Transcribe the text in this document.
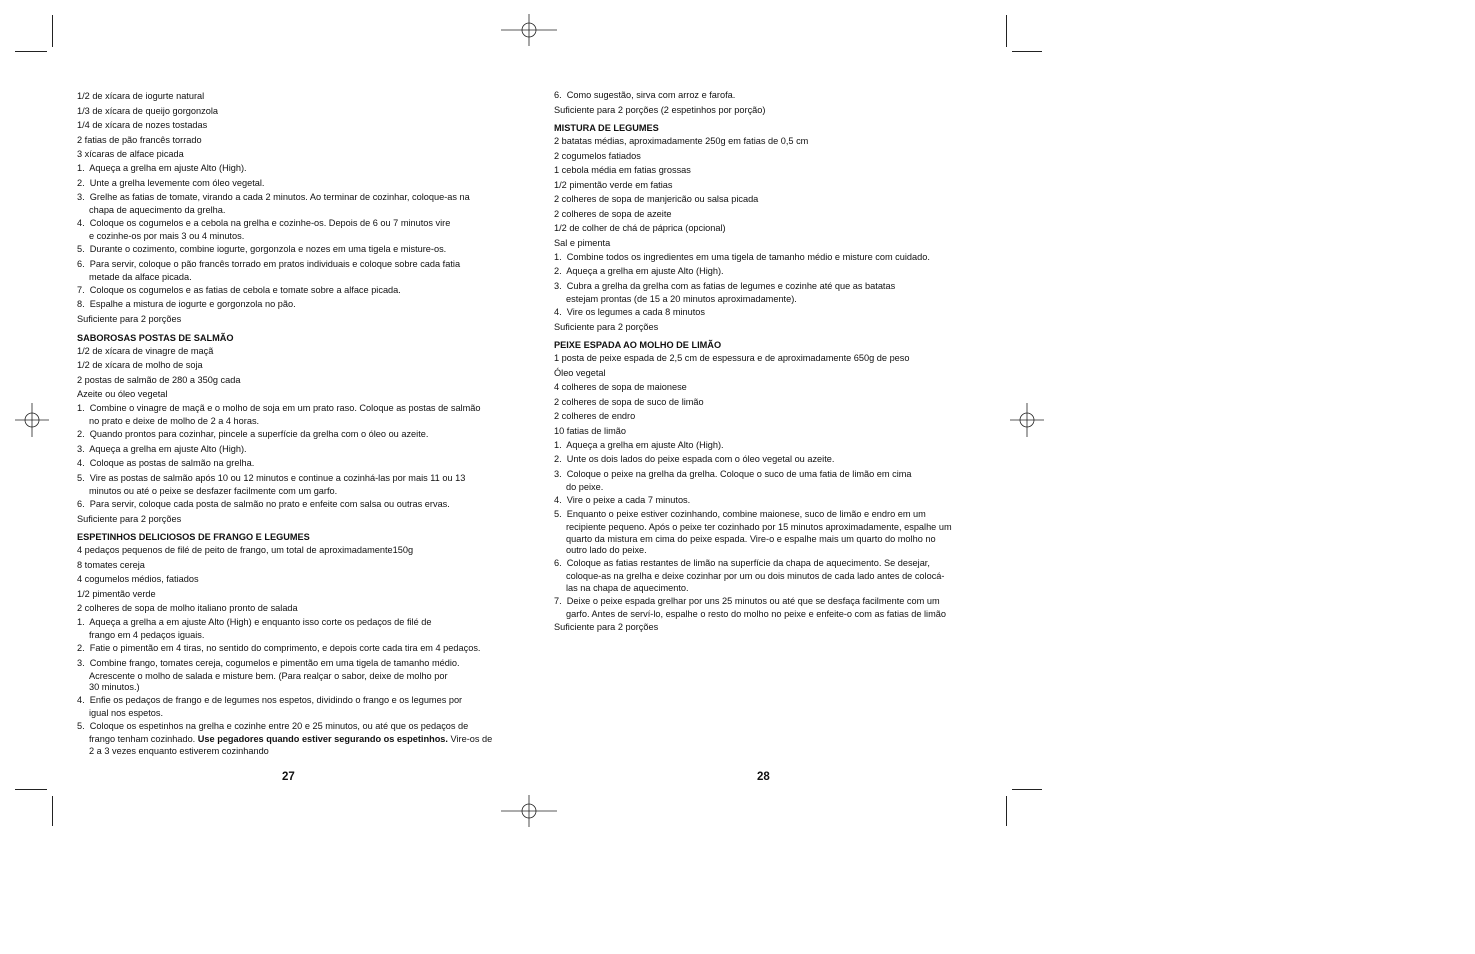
1/2 de xícara de iogurte natural
1/3 de xícara de queijo gorgonzola
1/4 de xícara de nozes tostadas
2 fatias de pão francês torrado
3 xícaras de alface picada
1. Aqueça a grelha em ajuste Alto (High).
2. Unte a grelha levemente com óleo vegetal.
3. Grelhe as fatias de tomate, virando a cada 2 minutos. Ao terminar de cozinhar, coloque-as na
chapa de aquecimento da grelha.
4. Coloque os cogumelos e a cebola na grelha e cozinhe-os. Depois de 6 ou 7 minutos vire
e cozinhe-os por mais 3 ou 4 minutos.
5. Durante o cozimento, combine iogurte, gorgonzola e nozes em uma tigela e misture-os.
6. Para servir, coloque o pão francês torrado em pratos individuais e coloque sobre cada fatia
metade da alface picada.
7. Coloque os cogumelos e as fatias de cebola e tomate sobre a alface picada.
8. Espalhe a mistura de iogurte e gorgonzola no pão.
Suficiente para 2 porções
SABOROSAS POSTAS DE SALMÃO
1/2 de xícara de vinagre de maçã
1/2 de xícara de molho de soja
2 postas de salmão de 280 a 350g cada
Azeite ou óleo vegetal
1. Combine o vinagre de maçã e o molho de soja em um prato raso. Coloque as postas de salmão
no prato e deixe de molho de 2 a 4 horas.
2. Quando prontos para cozinhar, pincele a superfície da grelha com o óleo ou azeite.
3. Aqueça a grelha em ajuste Alto (High).
4. Coloque as postas de salmão na grelha.
5. Vire as postas de salmão após 10 ou 12 minutos e continue a cozinhá-las por mais 11 ou 13
minutos ou até o peixe se desfazer facilmente com um garfo.
6. Para servir, coloque cada posta de salmão no prato e enfeite com salsa ou outras ervas.
Suficiente para 2 porções
ESPETINHOS DELICIOSOS DE FRANGO E LEGUMES
4 pedaços pequenos de filé de peito de frango, um total de aproximadamente150g
8 tomates cereja
4 cogumelos médios, fatiados
1/2 pimentão verde
2 colheres de sopa de molho italiano pronto de salada
1. Aqueça a grelha a em ajuste Alto (High) e enquanto isso corte os pedaços de filé de
frango em 4 pedaços iguais.
2. Fatie o pimentão em 4 tiras, no sentido do comprimento, e depois corte cada tira em 4 pedaços.
3. Combine frango, tomates cereja, cogumelos e pimentão em uma tigela de tamanho médio.
Acrescente o molho de salada e misture bem. (Para realçar o sabor, deixe de molho por
30 minutos.)
4. Enfie os pedaços de frango e de legumes nos espetos, dividindo o frango e os legumes por
igual nos espetos.
5. Coloque os espetinhos na grelha e cozinhe entre 20 e 25 minutos, ou até que os pedaços de
frango tenham cozinhado. Use pegadores quando estiver segurando os espetinhos. Vire-os de
2 a 3 vezes enquanto estiverem cozinhando
27
6. Como sugestão, sirva com arroz e farofa.
Suficiente para 2 porções (2 espetinhos por porção)
MISTURA DE LEGUMES
2 batatas médias, aproximadamente 250g em fatias de 0,5 cm
2 cogumelos fatiados
1 cebola média em fatias grossas
1/2 pimentão verde em fatias
2 colheres de sopa de manjericão ou salsa picada
2 colheres de sopa de azeite
1/2 de colher de chá de páprica (opcional)
Sal e pimenta
1. Combine todos os ingredientes em uma tigela de tamanho médio e misture com cuidado.
2. Aqueça a grelha em ajuste Alto (High).
3. Cubra a grelha da grelha com as fatias de legumes e cozinhe até que as batatas
estejam prontas (de 15 a 20 minutos aproximadamente).
4. Vire os legumes a cada 8 minutos
Suficiente para 2 porções
PEIXE ESPADA AO MOLHO DE LIMÃO
1 posta de peixe espada de 2,5 cm de espessura e de aproximadamente 650g de peso
Óleo vegetal
4 colheres de sopa de maionese
2 colheres de sopa de suco de limão
2 colheres de endro
10 fatias de limão
1. Aqueça a grelha em ajuste Alto (High).
2. Unte os dois lados do peixe espada com o óleo vegetal ou azeite.
3. Coloque o peixe na grelha da grelha. Coloque o suco de uma fatia de limão em cima
do peixe.
4. Vire o peixe a cada 7 minutos.
5. Enquanto o peixe estiver cozinhando, combine maionese, suco de limão e endro em um
recipiente pequeno. Após o peixe ter cozinhado por 15 minutos aproximadamente, espalhe um
quarto da mistura em cima do peixe espada. Vire-o e espalhe mais um quarto do molho no
outro lado do peixe.
6. Coloque as fatias restantes de limão na superfície da chapa de aquecimento. Se desejar,
coloque-as na grelha e deixe cozinhar por um ou dois minutos de cada lado antes de colocá-
las na chapa de aquecimento.
7. Deixe o peixe espada grelhar por uns 25 minutos ou até que se desfaça facilmente com um
garfo. Antes de serví-lo, espalhe o resto do molho no peixe e enfeite-o com as fatias de limão
Suficiente para 2 porções
28
